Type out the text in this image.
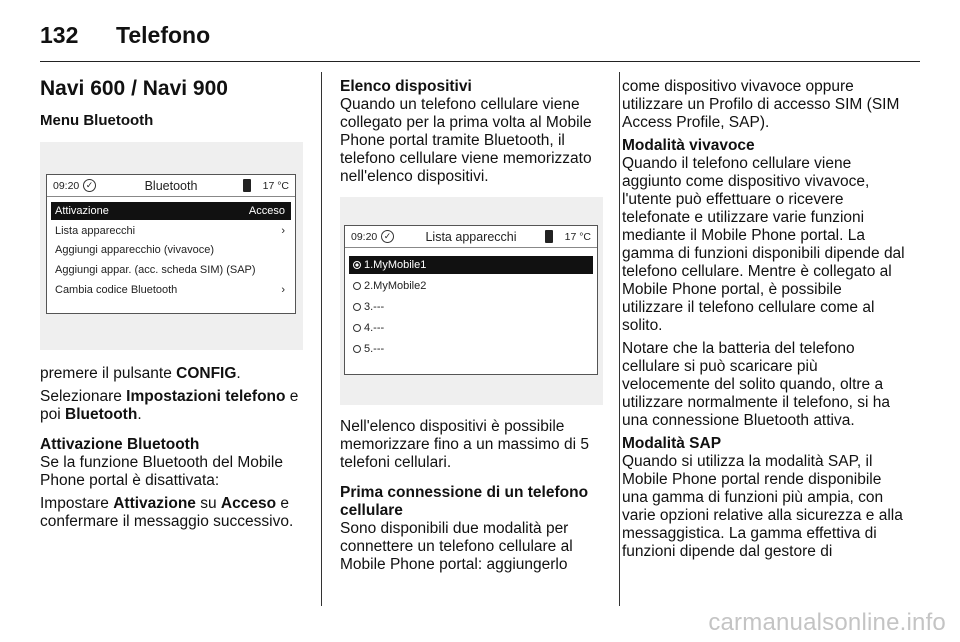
132 Telefono
Navi 600 / Navi 900
Menu Bluetooth
09:20 ✓	Bluetooth	17 °C
Attivazione	Acceso
Lista apparecchi	›
Aggiungi apparecchio (vivavoce)
Aggiungi appar. (acc. scheda SIM) (SAP)
Cambia codice Bluetooth	›

premere il pulsante CONFIG.

Selezionare Impostazioni telefono e poi Bluetooth.

Attivazione Bluetooth

Se la funzione Bluetooth del Mobile Phone portal è disattivata:

Impostare Attivazione su Acceso e confermare il messaggio successivo.

Elenco dispositivi

Quando un telefono cellulare viene collegato per la prima volta al Mobile Phone portal tramite Bluetooth, il telefono cellulare viene memorizzato nell'elenco dispositivi.

09:20 ✓	Lista apparecchi	17 °C
1.MyMobile1
2.MyMobile2
3.---
4.---
5.---

Nell'elenco dispositivi è possibile memorizzare fino a un massimo di 5 telefoni cellulari.

Prima connessione di un telefono cellulare

Sono disponibili due modalità per connettere un telefono cellulare al Mobile Phone portal: aggiungerlo

come dispositivo vivavoce oppure utilizzare un Profilo di accesso SIM (SIM Access Profile, SAP).

Modalità vivavoce

Quando il telefono cellulare viene aggiunto come dispositivo vivavoce, l'utente può effettuare o ricevere telefonate e utilizzare varie funzioni mediante il Mobile Phone portal. La gamma di funzioni disponibili dipende dal telefono cellulare. Mentre è collegato al Mobile Phone portal, è possibile utilizzare il telefono cellulare come al solito.

Notare che la batteria del telefono cellulare si può scaricare più velocemente del solito quando, oltre a utilizzare normalmente il telefono, si ha una connessione Bluetooth attiva.

Modalità SAP

Quando si utilizza la modalità SAP, il Mobile Phone portal rende disponibile una gamma di funzioni più ampia, con varie opzioni relative alla sicurezza e alla messaggistica. La gamma effettiva di funzioni dipende dal gestore di

carmanualsonline.info
